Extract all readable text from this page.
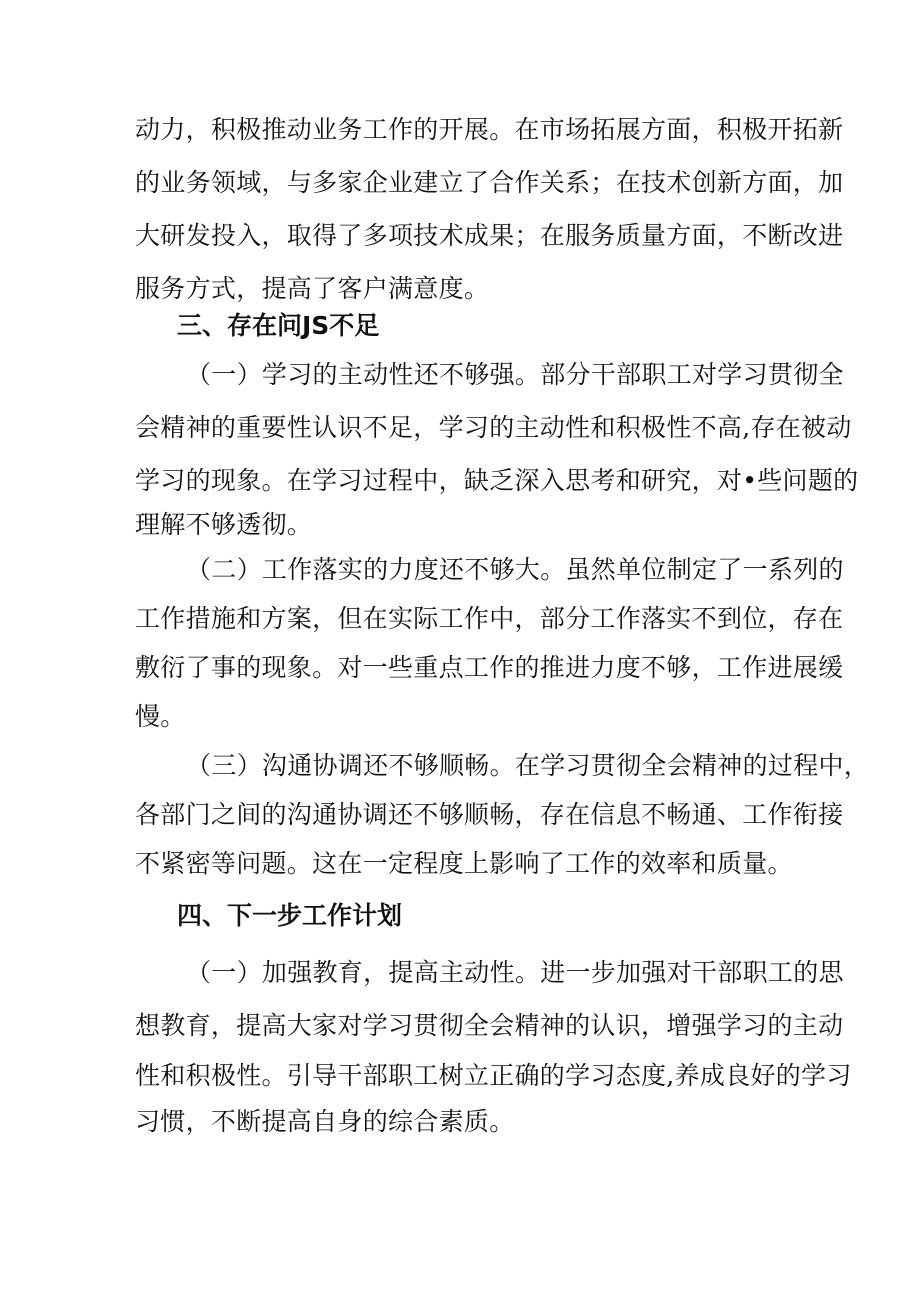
动力，积极推动业务工作的开展。在市场拓展方面，积极开拓新
的业务领域，与多家企业建立了合作关系；在技术创新方面，加
大研发投入，取得了多项技术成果；在服务质量方面，不断改进
服务方式，提高了客户满意度。
三、存在问JS不足
（一）学习的主动性还不够强。部分干部职工对学习贯彻全
会精神的重要性认识不足，学习的主动性和积极性不高,存在被动
学习的现象。在学习过程中，缺乏深入思考和研究，对•些问题的
理解不够透彻。
（二）工作落实的力度还不够大。虽然单位制定了一系列的
工作措施和方案，但在实际工作中，部分工作落实不到位，存在
敷衍了事的现象。对一些重点工作的推进力度不够，工作进展缓
慢。
（三）沟通协调还不够顺畅。在学习贯彻全会精神的过程中，
各部门之间的沟通协调还不够顺畅，存在信息不畅通、工作衔接
不紧密等问题。这在一定程度上影响了工作的效率和质量。
四、下一步工作计划
（一）加强教育，提高主动性。进一步加强对干部职工的思
想教育，提高大家对学习贯彻全会精神的认识，增强学习的主动
性和积极性。引导干部职工树立正确的学习态度,养成良好的学习
习惯，不断提高自身的综合素质。
